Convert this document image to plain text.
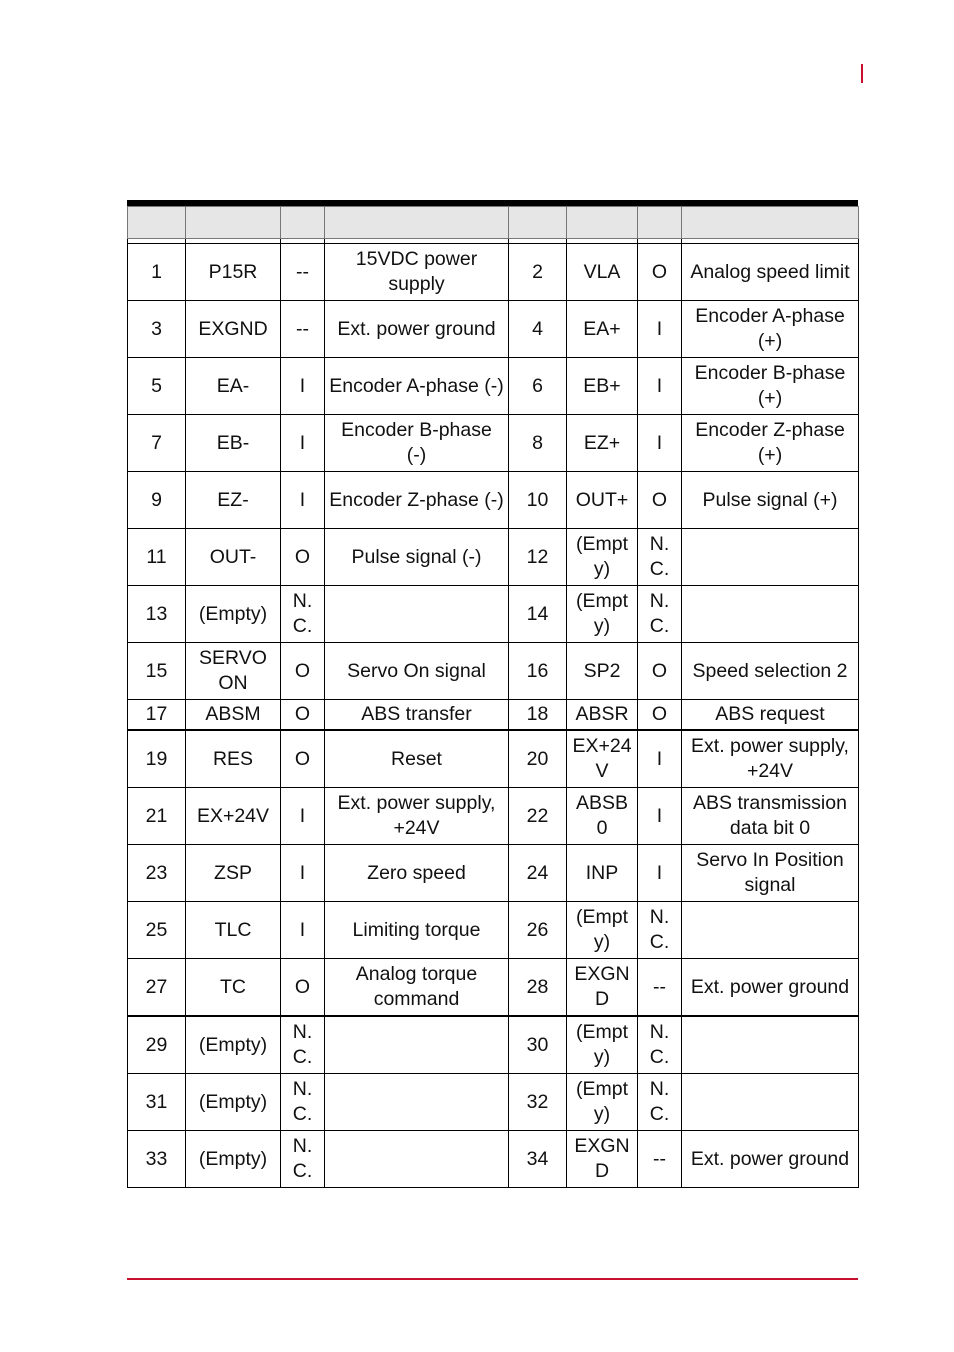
1	P15R	--	15VDC power supply	2	VLA	O	Analog speed limit
3	EXGND	--	Ext. power ground	4	EA+	I	Encoder A-phase (+)
5	EA-	I	Encoder A-phase (-)	6	EB+	I	Encoder B-phase (+)
7	EB-	I	Encoder B-phase (-)	8	EZ+	I	Encoder Z-phase (+)
9	EZ-	I	Encoder Z-phase (-)	10	OUT+	O	Pulse signal (+)
11	OUT-	O	Pulse signal (-)	12	(Empty)	N.C.	
13	(Empty)	N.C.		14	(Empty)	N.C.	
15	SERVO ON	O	Servo On signal	16	SP2	O	Speed selection 2
17	ABSM	O	ABS transfer	18	ABSR	O	ABS request
19	RES	O	Reset	20	EX+24V	I	Ext. power supply, +24V
21	EX+24V	I	Ext. power supply, +24V	22	ABSB0	I	ABS transmission data bit 0
23	ZSP	I	Zero speed	24	INP	I	Servo In Position signal
25	TLC	I	Limiting torque	26	(Empty)	N.C.	
27	TC	O	Analog torque command	28	EXGND	--	Ext. power ground
29	(Empty)	N.C.		30	(Empty)	N.C.	
31	(Empty)	N.C.		32	(Empty)	N.C.	
33	(Empty)	N.C.		34	EXGND	--	Ext. power ground
